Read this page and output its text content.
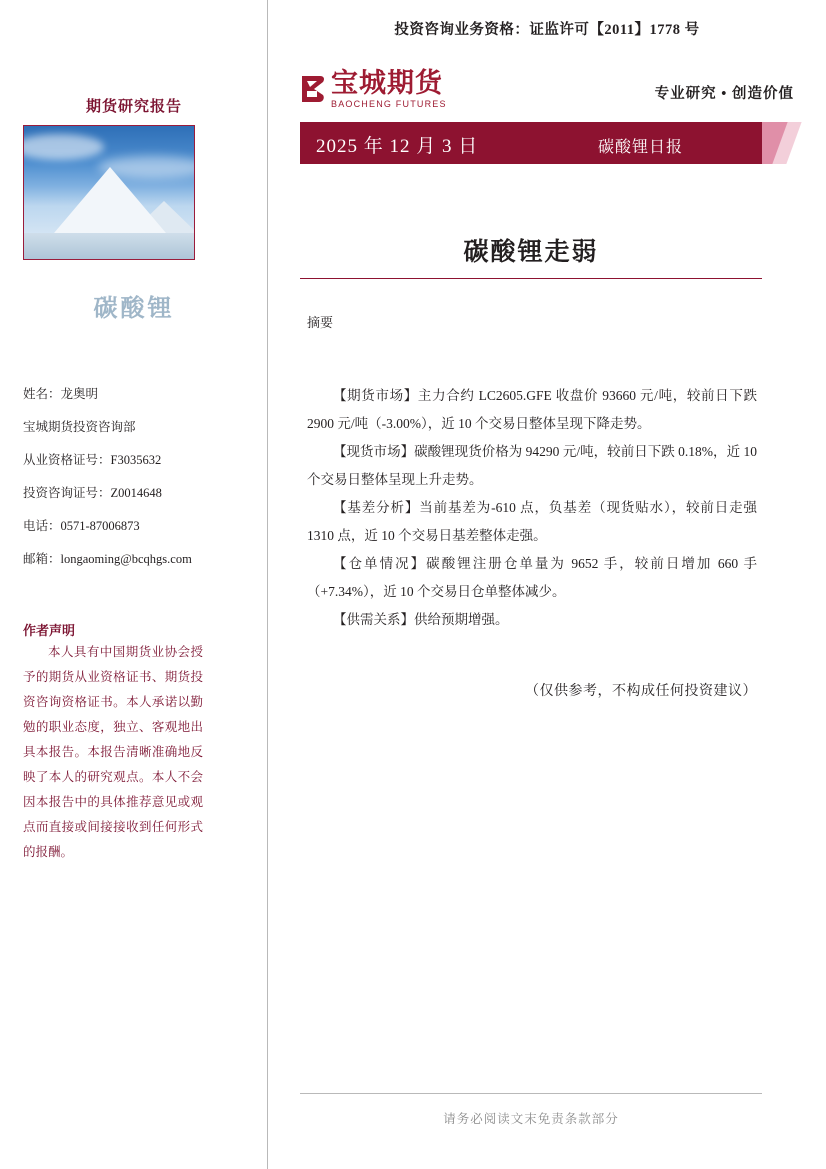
期货研究报告
碳酸锂
姓名：龙奥明
宝城期货投资咨询部
从业资格证号：F3035632
投资咨询证号：Z0014648
电话：0571-87006873
邮箱：longaoming@bcqhgs.com
作者声明
本人具有中国期货业协会授予的期货从业资格证书、期货投资咨询资格证书。本人承诺以勤勉的职业态度，独立、客观地出具本报告。本报告清晰准确地反映了本人的研究观点。本人不会因本报告中的具体推荐意见或观点而直接或间接接收到任何形式的报酬。
投资咨询业务资格：证监许可【2011】1778 号
宝城期货
BAOCHENG FUTURES
专业研究 • 创造价值
2025 年 12 月 3 日	碳酸锂日报
碳酸锂走弱
摘要

【期货市场】主力合约 LC2605.GFE 收盘价 93660 元/吨，较前日下跌 2900 元/吨（-3.00%），近 10 个交易日整体呈现下降走势。

【现货市场】碳酸锂现货价格为 94290 元/吨，较前日下跌 0.18%，近 10 个交易日整体呈现上升走势。

【基差分析】当前基差为-610 点，负基差（现货贴水），较前日走强 1310 点，近 10 个交易日基差整体走强。

【仓单情况】碳酸锂注册仓单量为 9652 手，较前日增加 660 手（+7.34%），近 10 个交易日仓单整体减少。

【供需关系】供给预期增强。

（仅供参考，不构成任何投资建议）
请务必阅读文末免责条款部分
